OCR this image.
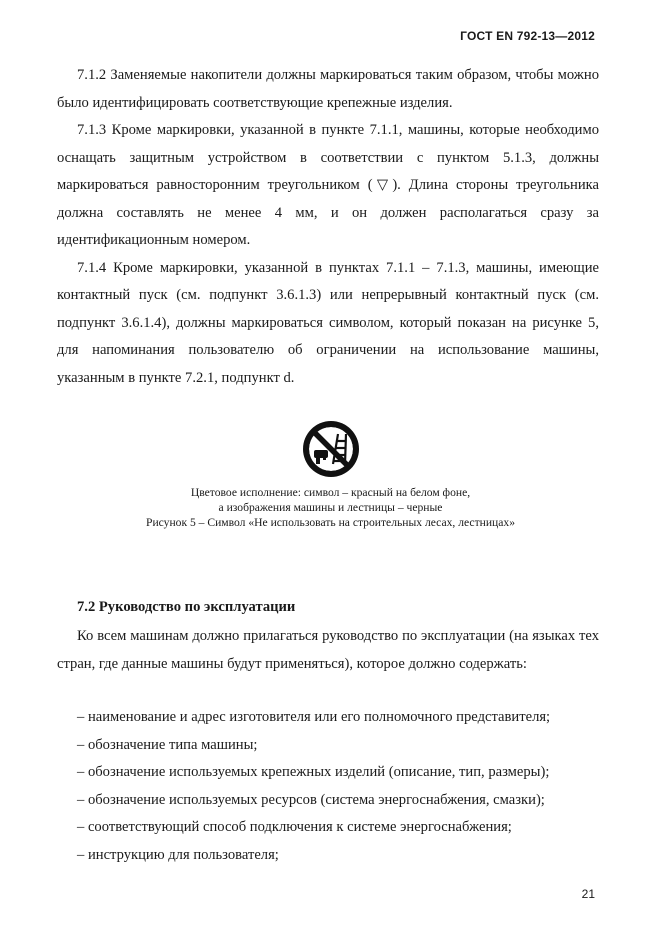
ГОСТ EN 792-13—2012

7.1.2 Заменяемые накопители должны маркироваться таким образом, чтобы можно было идентифицировать соответствующие крепежные изделия.

7.1.3 Кроме маркировки, указанной в пункте 7.1.1, машины, которые необходимо оснащать защитным устройством в соответствии с пунктом 5.1.3, должны маркироваться равносторонним треугольником (▽). Длина стороны треугольника должна составлять не менее 4 мм, и он должен располагаться сразу за идентификационным номером.

7.1.4 Кроме маркировки, указанной в пунктах 7.1.1 – 7.1.3, машины, имеющие контактный пуск (см. подпункт 3.6.1.3) или непрерывный контактный пуск (см. подпункт 3.6.1.4), должны маркироваться символом, который показан на рисунке 5, для напоминания пользователю об ограничении на использование машины, указанным в пункте 7.2.1, подпункт d.

Цветовое исполнение: символ – красный на белом фоне,
а изображения машины и лестницы – черные
Рисунок 5 – Символ «Не использовать на строительных лесах, лестницах»
7.2 Руководство по эксплуатации

Ко всем машинам должно прилагаться руководство по эксплуатации (на языках тех стран, где данные машины будут применяться), которое должно содержать:

– наименование и адрес изготовителя или его полномочного представителя;
– обозначение типа машины;
– обозначение используемых крепежных изделий (описание, тип, размеры);
– обозначение используемых ресурсов (система энергоснабжения, смазки);
– соответствующий способ подключения к системе энергоснабжения;
– инструкцию для пользователя;
21
